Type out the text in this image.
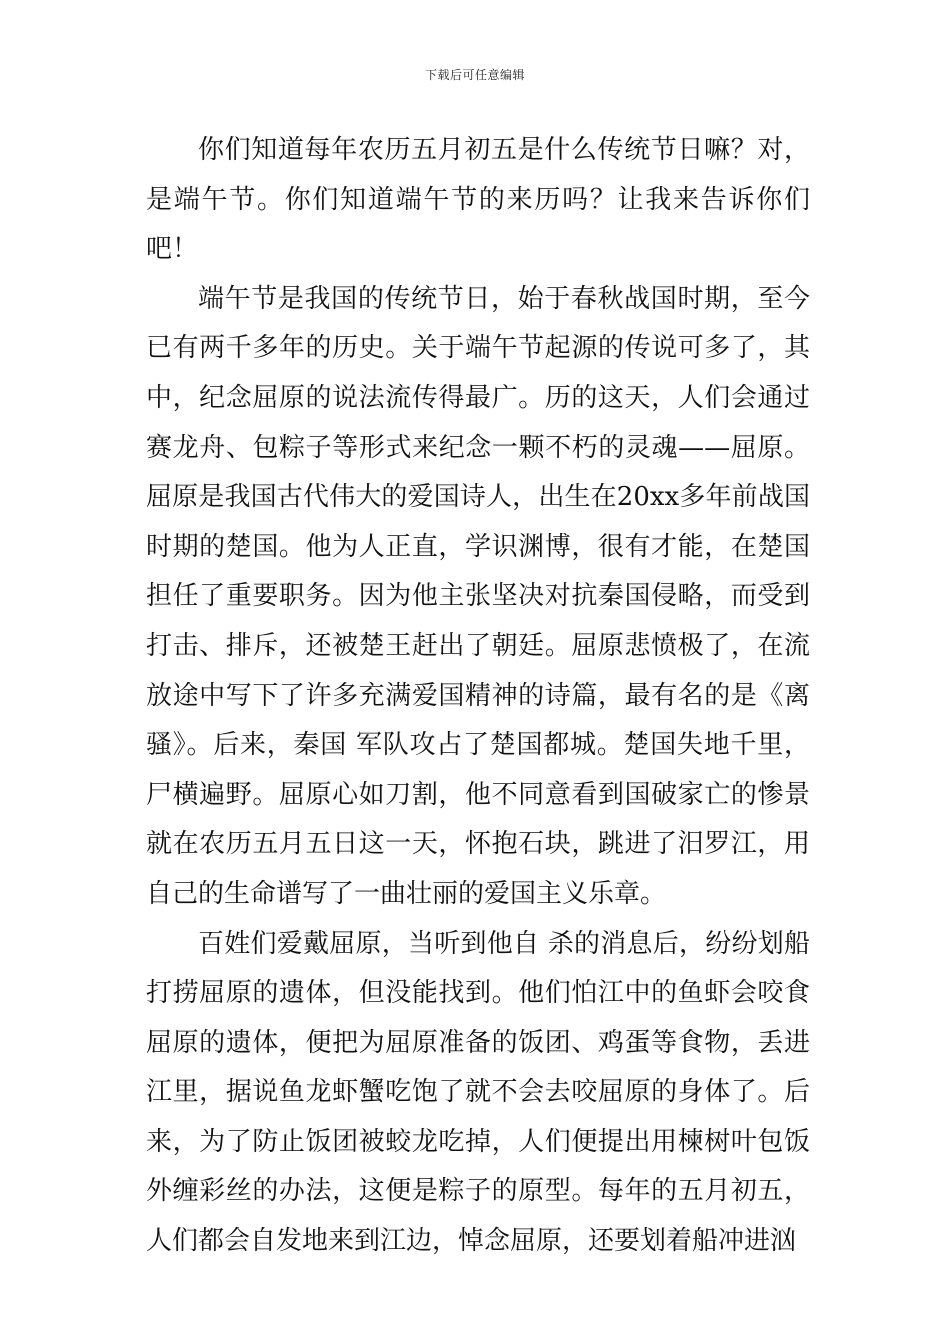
下载后可任意编辑

你们知道每年农历五月初五是什么传统节日嘛？对，是端午节。你们知道端午节的来历吗？让我来告诉你们吧！

端午节是我国的传统节日，始于春秋战国时期，至今已有两千多年的历史。关于端午节起源的传说可多了，其中，纪念屈原的说法流传得最广。历的这天，人们会通过赛龙舟、包粽子等形式来纪念一颗不朽的灵魂——屈原。屈原是我国古代伟大的爱国诗人，出生在20xx多年前战国时期的楚国。他为人正直，学识渊博，很有才能，在楚国担任了重要职务。因为他主张坚决对抗秦国侵略，而受到打击、排斥，还被楚王赶出了朝廷。屈原悲愤极了，在流放途中写下了许多充满爱国精神的诗篇，最有名的是《离骚》。后来，秦国 军队攻占了楚国都城。楚国失地千里，尸横遍野。屈原心如刀割，他不同意看到国破家亡的惨景就在农历五月五日这一天，怀抱石块，跳进了汨罗江，用自己的生命谱写了一曲壮丽的爱国主义乐章。

百姓们爱戴屈原，当听到他自 杀的消息后，纷纷划船打捞屈原的遗体，但没能找到。他们怕江中的鱼虾会咬食屈原的遗体，便把为屈原准备的饭团、鸡蛋等食物，丢进江里，据说鱼龙虾蟹吃饱了就不会去咬屈原的身体了。后来，为了防止饭团被蛟龙吃掉，人们便提出用楝树叶包饭外缠彩丝的办法，这便是粽子的原型。每年的五月初五，人们都会自发地来到江边，悼念屈原，还要划着船冲进汹
